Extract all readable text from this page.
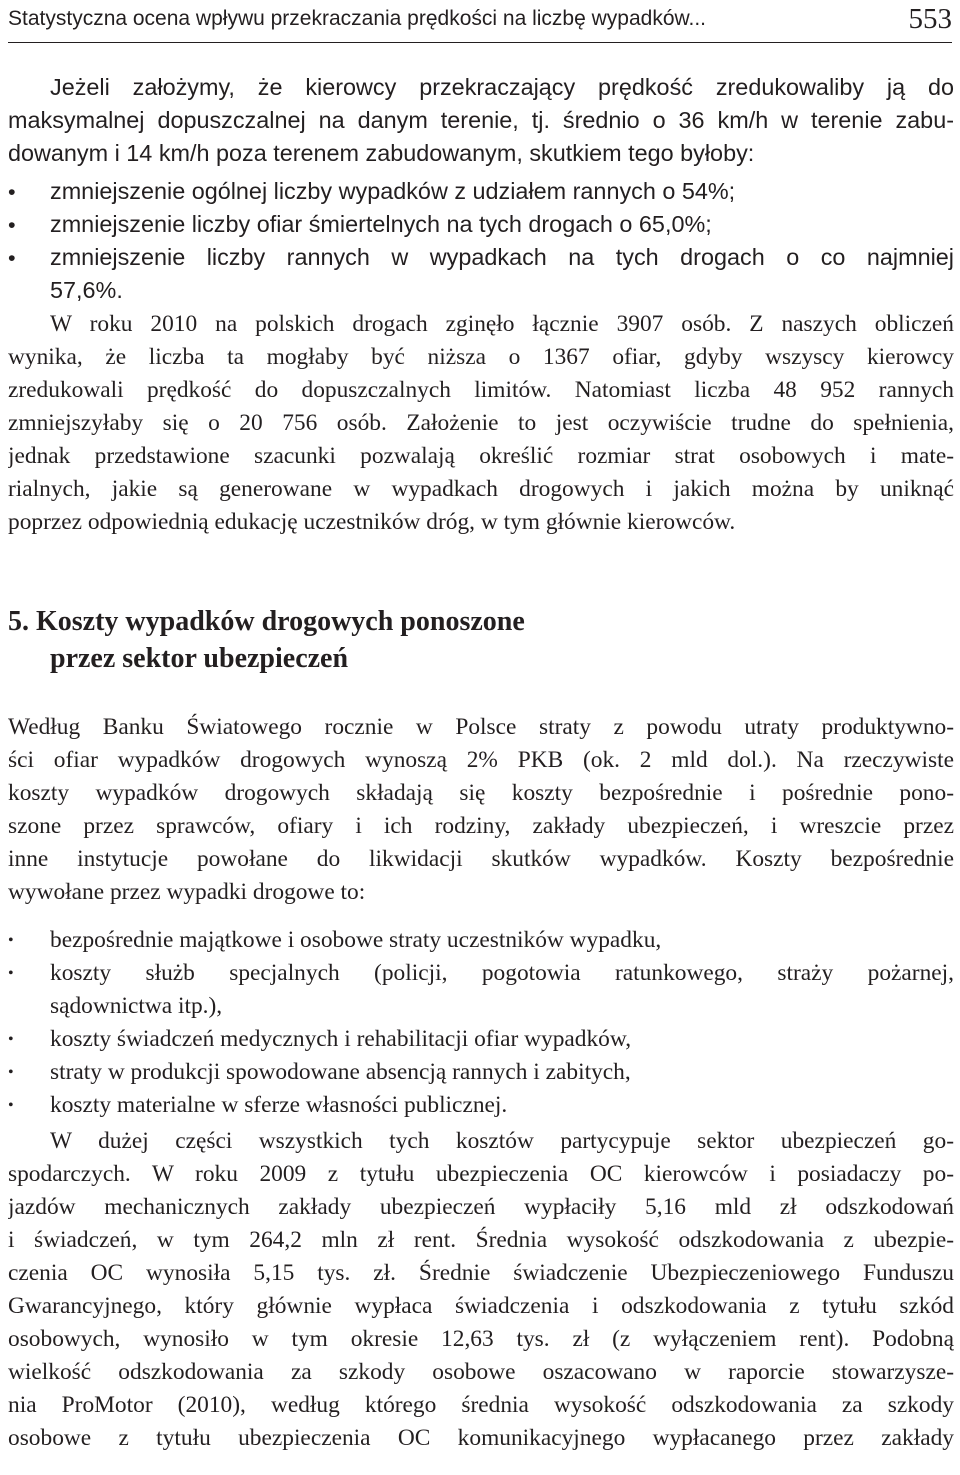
Statystyczna ocena wpływu przekraczania prędkości na liczbę wypadków...	553
Jeżeli założymy, że kierowcy przekraczający prędkość zredukowaliby ją do
maksymalnej dopuszczalnej na danym terenie, tj. średnio o 36 km/h w terenie zabu-
dowanym i 14 km/h poza terenem zabudowanym, skutkiem tego byłoby:
• zmniejszenie ogólnej liczby wypadków z udziałem rannych o 54%;
• zmniejszenie liczby ofiar śmiertelnych na tych drogach o 65,0%;
• zmniejszenie liczby rannych w wypadkach na tych drogach o co najmniej
57,6%.
W roku 2010 na polskich drogach zginęło łącznie 3907 osób. Z naszych obliczeń
wynika, że liczba ta mogłaby być niższa o 1367 ofiar, gdyby wszyscy kierowcy
zredukowali prędkość do dopuszczalnych limitów. Natomiast liczba 48 952 rannych
zmniejszyłaby się o 20 756 osób. Założenie to jest oczywiście trudne do spełnienia,
jednak przedstawione szacunki pozwalają określić rozmiar strat osobowych i mate-
rialnych, jakie są generowane w wypadkach drogowych i jakich można by uniknąć
poprzez odpowiednią edukację uczestników dróg, w tym głównie kierowców.
5. Koszty wypadków drogowych ponoszone
przez sektor ubezpieczeń
Według Banku Światowego rocznie w Polsce straty z powodu utraty produktywno-
ści ofiar wypadków drogowych wynoszą 2% PKB (ok. 2 mld dol.). Na rzeczywiste
koszty wypadków drogowych składają się koszty bezpośrednie i pośrednie pono-
szone przez sprawców, ofiary i ich rodziny, zakłady ubezpieczeń, i wreszcie przez
inne instytucje powołane do likwidacji skutków wypadków. Koszty bezpośrednie
wywołane przez wypadki drogowe to:
• bezpośrednie majątkowe i osobowe straty uczestników wypadku,
• koszty służb specjalnych (policji, pogotowia ratunkowego, straży pożarnej,
sądownictwa itp.),
• koszty świadczeń medycznych i rehabilitacji ofiar wypadków,
• straty w produkcji spowodowane absencją rannych i zabitych,
• koszty materialne w sferze własności publicznej.
W dużej części wszystkich tych kosztów partycypuje sektor ubezpieczeń go-
spodarczych. W roku 2009 z tytułu ubezpieczenia OC kierowców i posiadaczy po-
jazdów mechanicznych zakłady ubezpieczeń wypłaciły 5,16 mld zł odszkodowań
i świadczeń, w tym 264,2 mln zł rent. Średnia wysokość odszkodowania z ubezpie-
czenia OC wynosiła 5,15 tys. zł. Średnie świadczenie Ubezpieczeniowego Funduszu
Gwarancyjnego, który głównie wypłaca świadczenia i odszkodowania z tytułu szkód
osobowych, wynosiło w tym okresie 12,63 tys. zł (z wyłączeniem rent). Podobną
wielkość odszkodowania za szkody osobowe oszacowano w raporcie stowarzysze-
nia ProMotor (2010), według którego średnia wysokość odszkodowania za szkody
osobowe z tytułu ubezpieczenia OC komunikacyjnego wypłacanego przez zakłady
